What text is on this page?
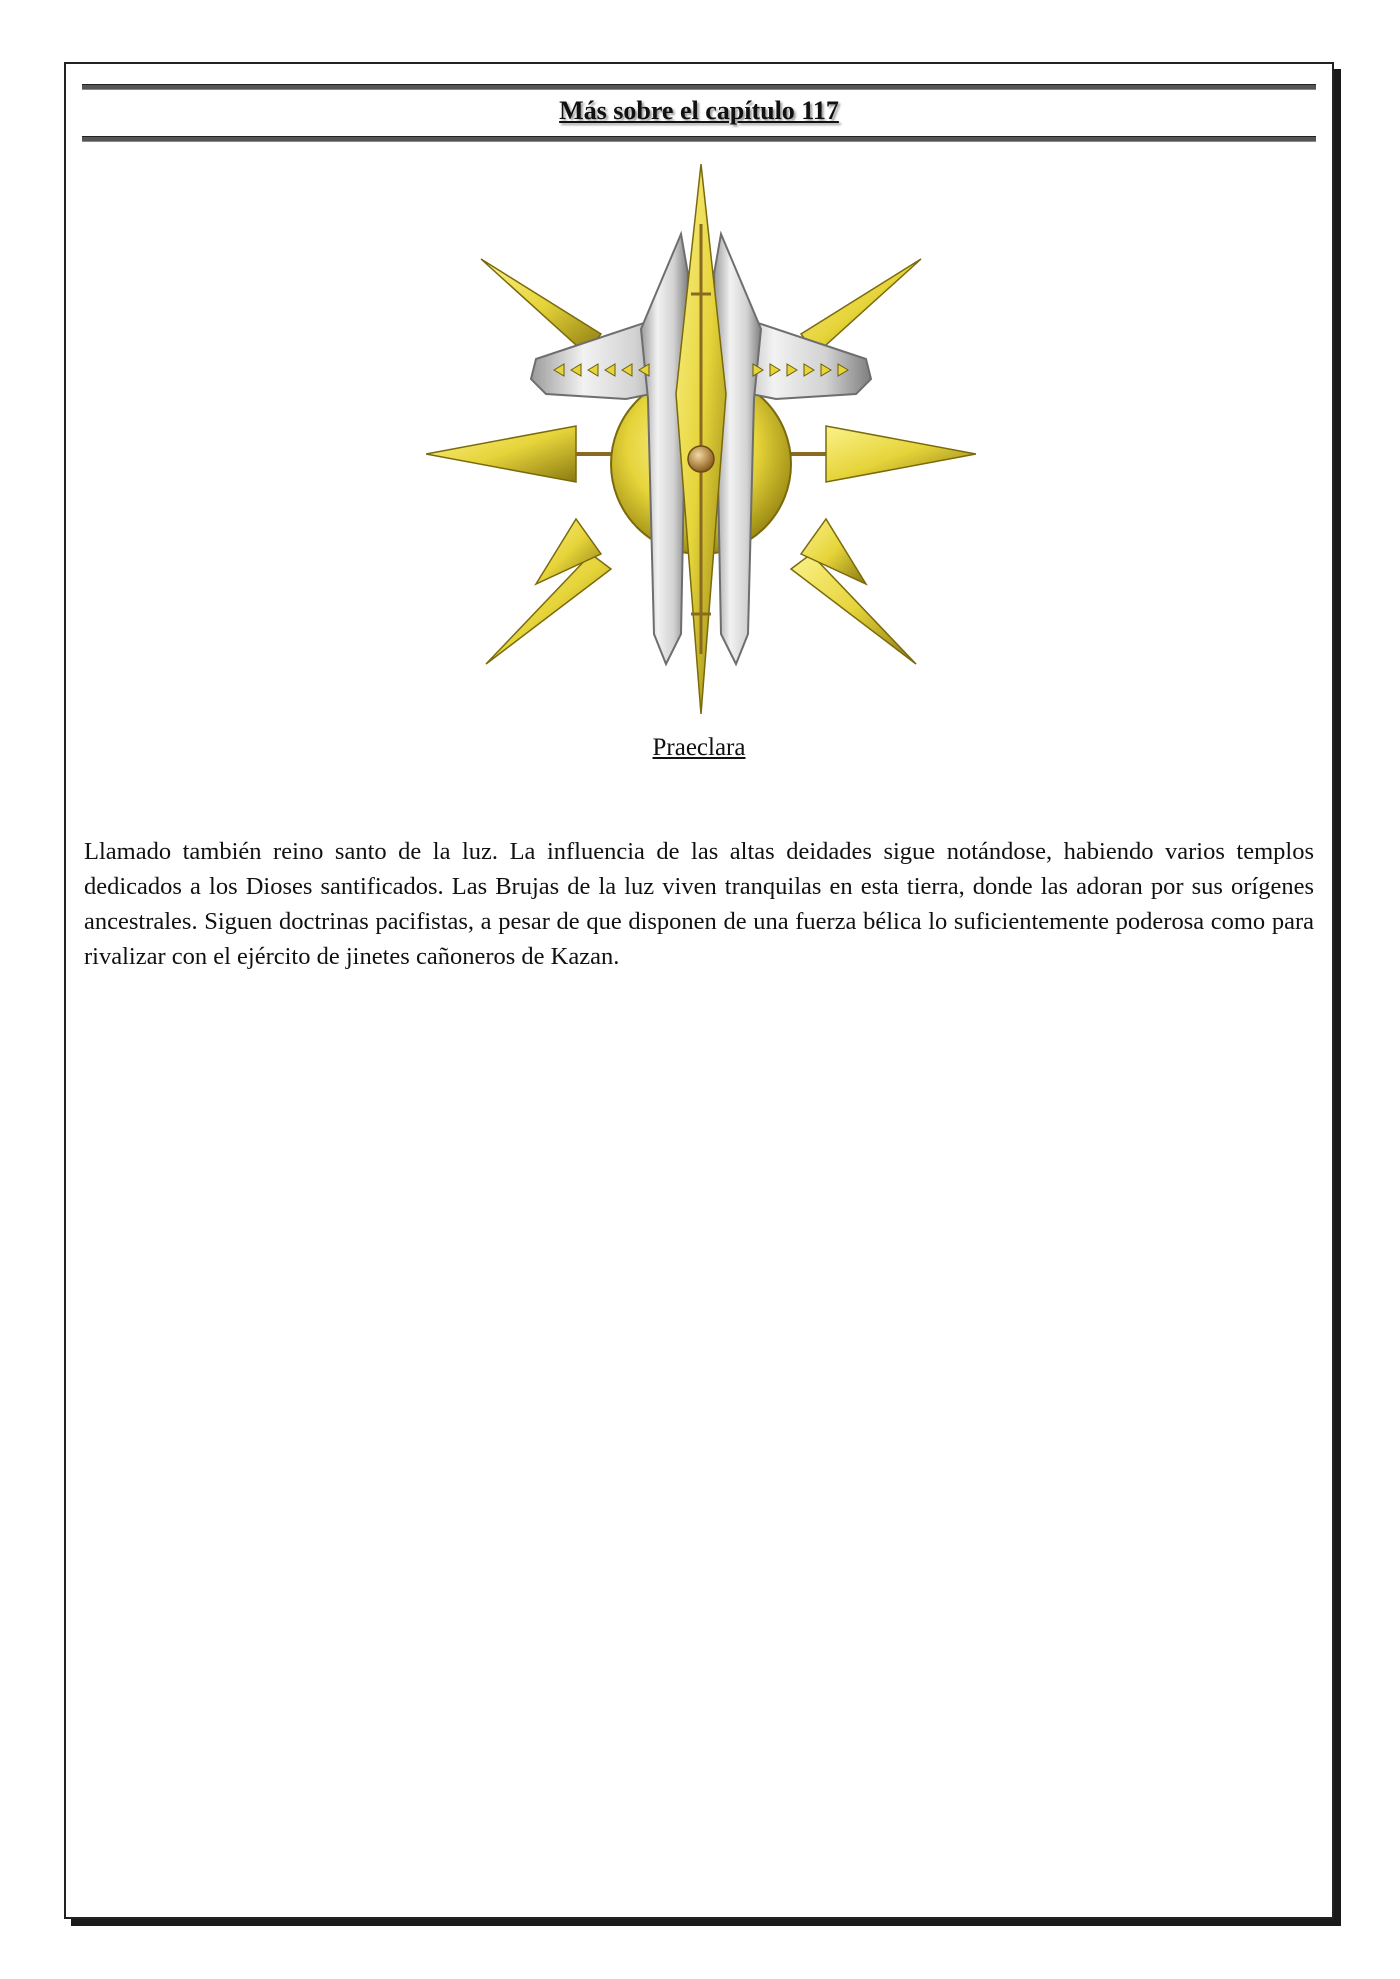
Más sobre el capítulo 117

Praeclara

Llamado también reino santo de la luz. La influencia de las altas deidades sigue notándose, habiendo varios templos dedicados a los Dioses santificados. Las Brujas de la luz viven tranquilas en esta tierra, donde las adoran por sus orígenes ancestrales. Siguen doctrinas pacifistas, a pesar de que disponen de una fuerza bélica lo suficientemente poderosa como para rivalizar con el ejército de jinetes cañoneros de Kazan.
